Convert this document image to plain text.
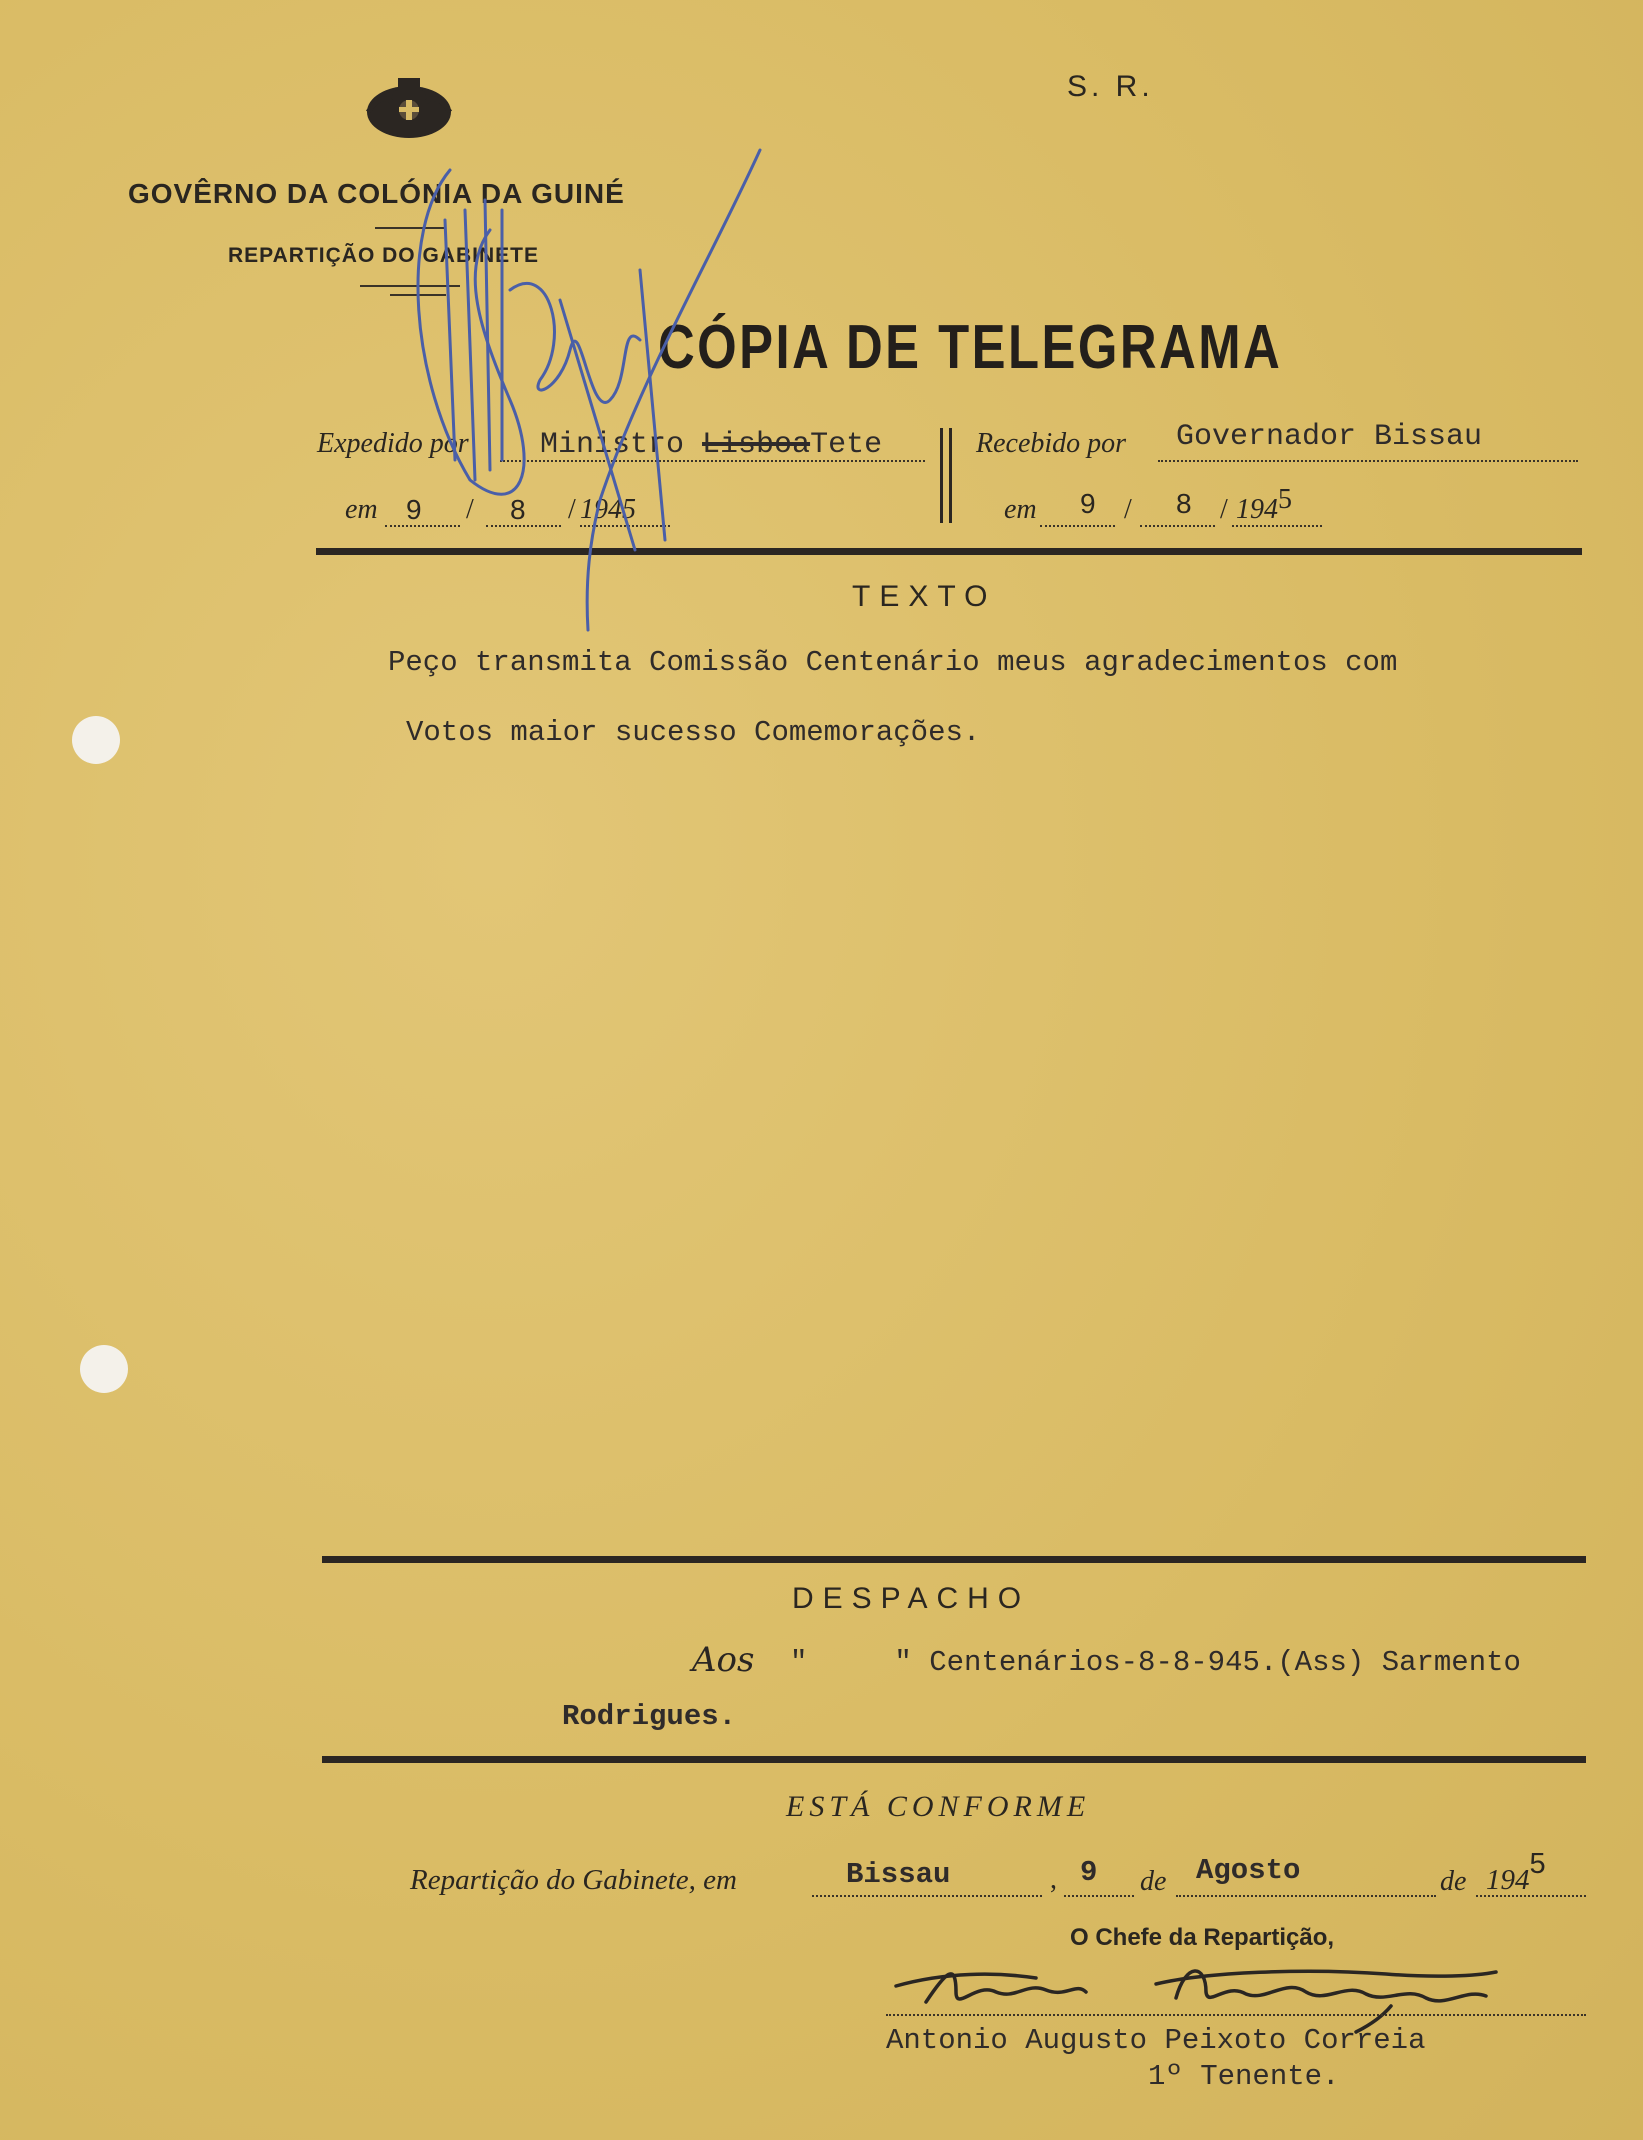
S. R.
GOVÊRNO DA COLÓNIA DA GUINÉ
REPARTIÇÃO DO GABINETE
CÓPIA DE TELEGRAMA
Expedido por Ministro LisboaTete
em 9 / 8 / 1945
Recebido por Governador Bissau
em 9 / 8 / 1945
TEXTO
Peço transmita Comissão Centenário meus agradecimentos com
Votos maior sucesso Comemorações.
DESPACHO
Aos "     " Centenários-8-8-945.(Ass) Sarmento
Rodrigues.
ESTÁ CONFORME
Repartição do Gabinete, em	Bissau	, 9 de Agosto	de 1945
O Chefe da Repartição,
Antonio Augusto Peixoto Correia
1º Tenente.
